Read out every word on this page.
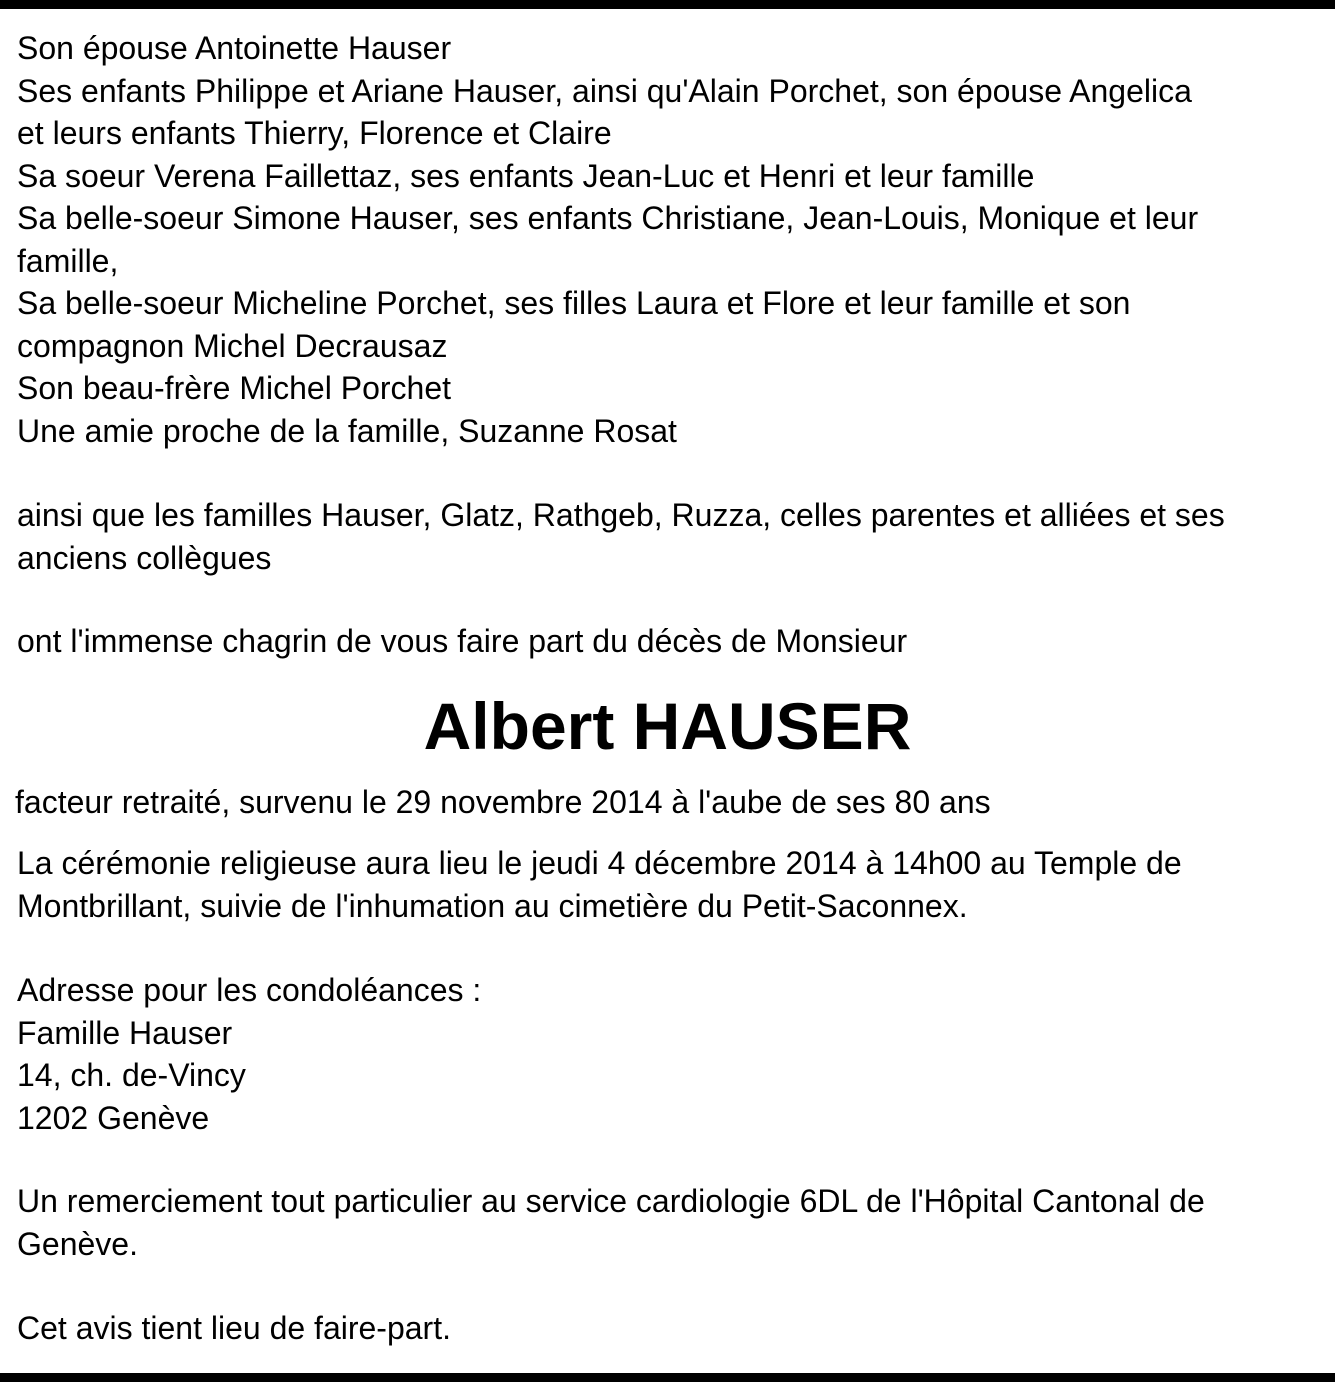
Son épouse Antoinette Hauser
Ses enfants Philippe et Ariane Hauser, ainsi qu'Alain Porchet, son épouse Angelica
et leurs enfants Thierry, Florence et Claire
Sa soeur Verena Faillettaz, ses enfants Jean-Luc et Henri et leur famille
Sa belle-soeur Simone Hauser, ses enfants Christiane, Jean-Louis, Monique et leur
famille,
Sa belle-soeur Micheline Porchet, ses filles Laura et Flore et leur famille et son
compagnon Michel Decrausaz
Son beau-frère Michel Porchet
Une amie proche de la famille, Suzanne Rosat
ainsi que les familles Hauser, Glatz, Rathgeb, Ruzza, celles parentes et alliées et ses
anciens collègues
ont l'immense chagrin de vous faire part du décès de Monsieur
Albert HAUSER
facteur retraité, survenu le 29 novembre 2014 à l'aube de ses 80 ans
La cérémonie religieuse aura lieu le jeudi 4 décembre 2014 à 14h00 au Temple de
Montbrillant, suivie de l'inhumation au cimetière du Petit-Saconnex.
Adresse pour les condoléances :
Famille Hauser
14, ch. de-Vincy
1202 Genève
Un remerciement tout particulier au service cardiologie 6DL de l'Hôpital Cantonal de
Genève.
Cet avis tient lieu de faire-part.
